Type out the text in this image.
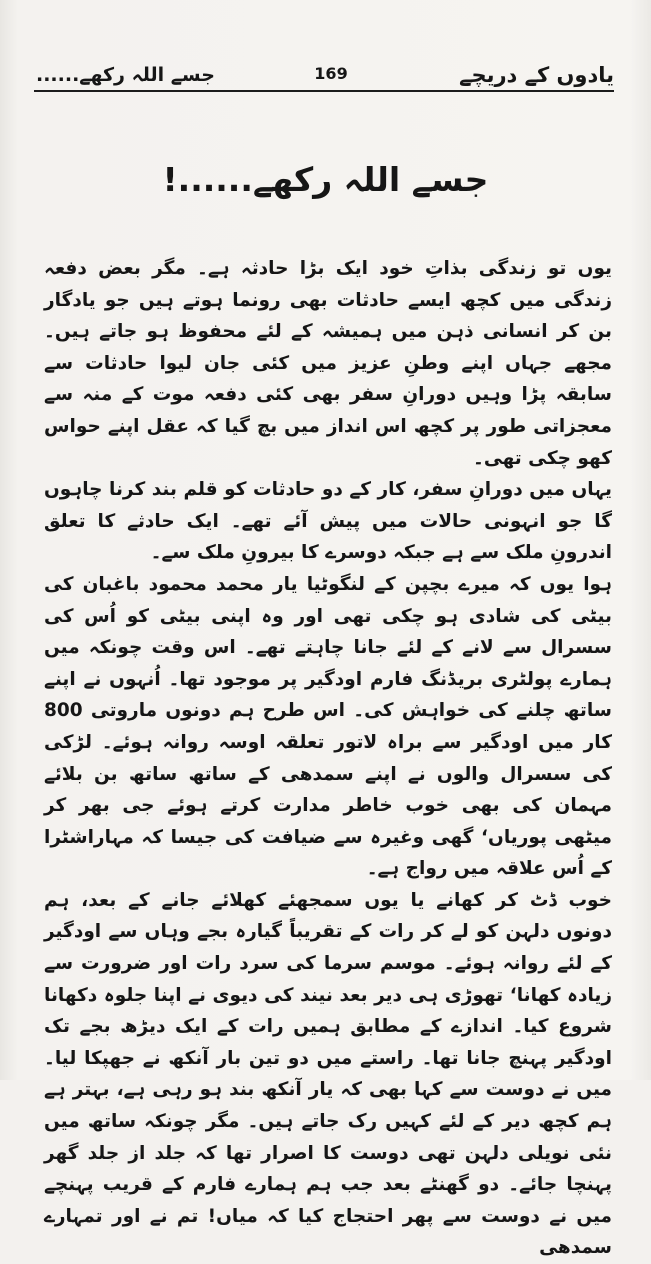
یادوں کے دریچے
169
جسے اللہ رکھے......
جسے اللہ رکھے......!

یوں تو زندگی بذاتِ خود ایک بڑا حادثہ ہے۔ مگر بعض دفعہ زندگی میں کچھ ایسے حادثات بھی رونما ہوتے ہیں جو یادگار بن کر انسانی ذہن میں ہمیشہ کے لئے محفوظ ہو جاتے ہیں۔ مجھے جہاں اپنے وطنِ عزیز میں کئی جان لیوا حادثات سے سابقہ پڑا وہیں دورانِ سفر بھی کئی دفعہ موت کے منہ سے معجزاتی طور پر کچھ اس انداز میں بچ گیا کہ عقل اپنے حواس کھو چکی تھی۔

یہاں میں دورانِ سفر، کار کے دو حادثات کو قلم بند کرنا چاہوں گا جو انہونی حالات میں پیش آئے تھے۔ ایک حادثے کا تعلق اندرونِ ملک سے ہے جبکہ دوسرے کا بیرونِ ملک سے۔

ہوا یوں کہ میرے بچپن کے لنگوٹیا یار محمد محمود باغبان کی بیٹی کی شادی ہو چکی تھی اور وہ اپنی بیٹی کو اُس کی سسرال سے لانے کے لئے جانا چاہتے تھے۔ اس وقت چونکہ میں ہمارے پولٹری بریڈنگ فارم اودگیر پر موجود تھا۔ اُنہوں نے اپنے ساتھ چلنے کی خواہش کی۔ اس طرح ہم دونوں ماروتی 800 کار میں اودگیر سے براہ لاتور تعلقہ اوسہ روانہ ہوئے۔ لڑکی کی سسرال والوں نے اپنے سمدھی کے ساتھ ساتھ بن بلائے مہمان کی بھی خوب خاطر مدارت کرتے ہوئے جی بھر کر میٹھی پوریاں‘ گھی وغیرہ سے ضیافت کی جیسا کہ مہاراشٹرا کے اُس علاقہ میں رواج ہے۔

خوب ڈٹ کر کھانے یا یوں سمجھئے کھلائے جانے کے بعد، ہم دونوں دلہن کو لے کر رات کے تقریباً گیارہ بجے وہاں سے اودگیر کے لئے روانہ ہوئے۔ موسم سرما کی سرد رات اور ضرورت سے زیادہ کھانا‘ تھوڑی ہی دیر بعد نیند کی دیوی نے اپنا جلوہ دکھانا شروع کیا۔ اندازے کے مطابق ہمیں رات کے ایک دیڑھ بجے تک اودگیر پہنچ جانا تھا۔ راستے میں دو تین بار آنکھ نے جھپکا لیا۔ میں نے دوست سے کہا بھی کہ یار آنکھ بند ہو رہی ہے، بہتر ہے ہم کچھ دیر کے لئے کہیں رک جاتے ہیں۔ مگر چونکہ ساتھ میں نئی نویلی دلہن تھی دوست کا اصرار تھا کہ جلد از جلد گھر پہنچا جائے۔ دو گھنٹے بعد جب ہم ہمارے فارم کے قریب پہنچے میں نے دوست سے پھر احتجاج کیا کہ میاں! تم نے اور تمہارے سمدھی
